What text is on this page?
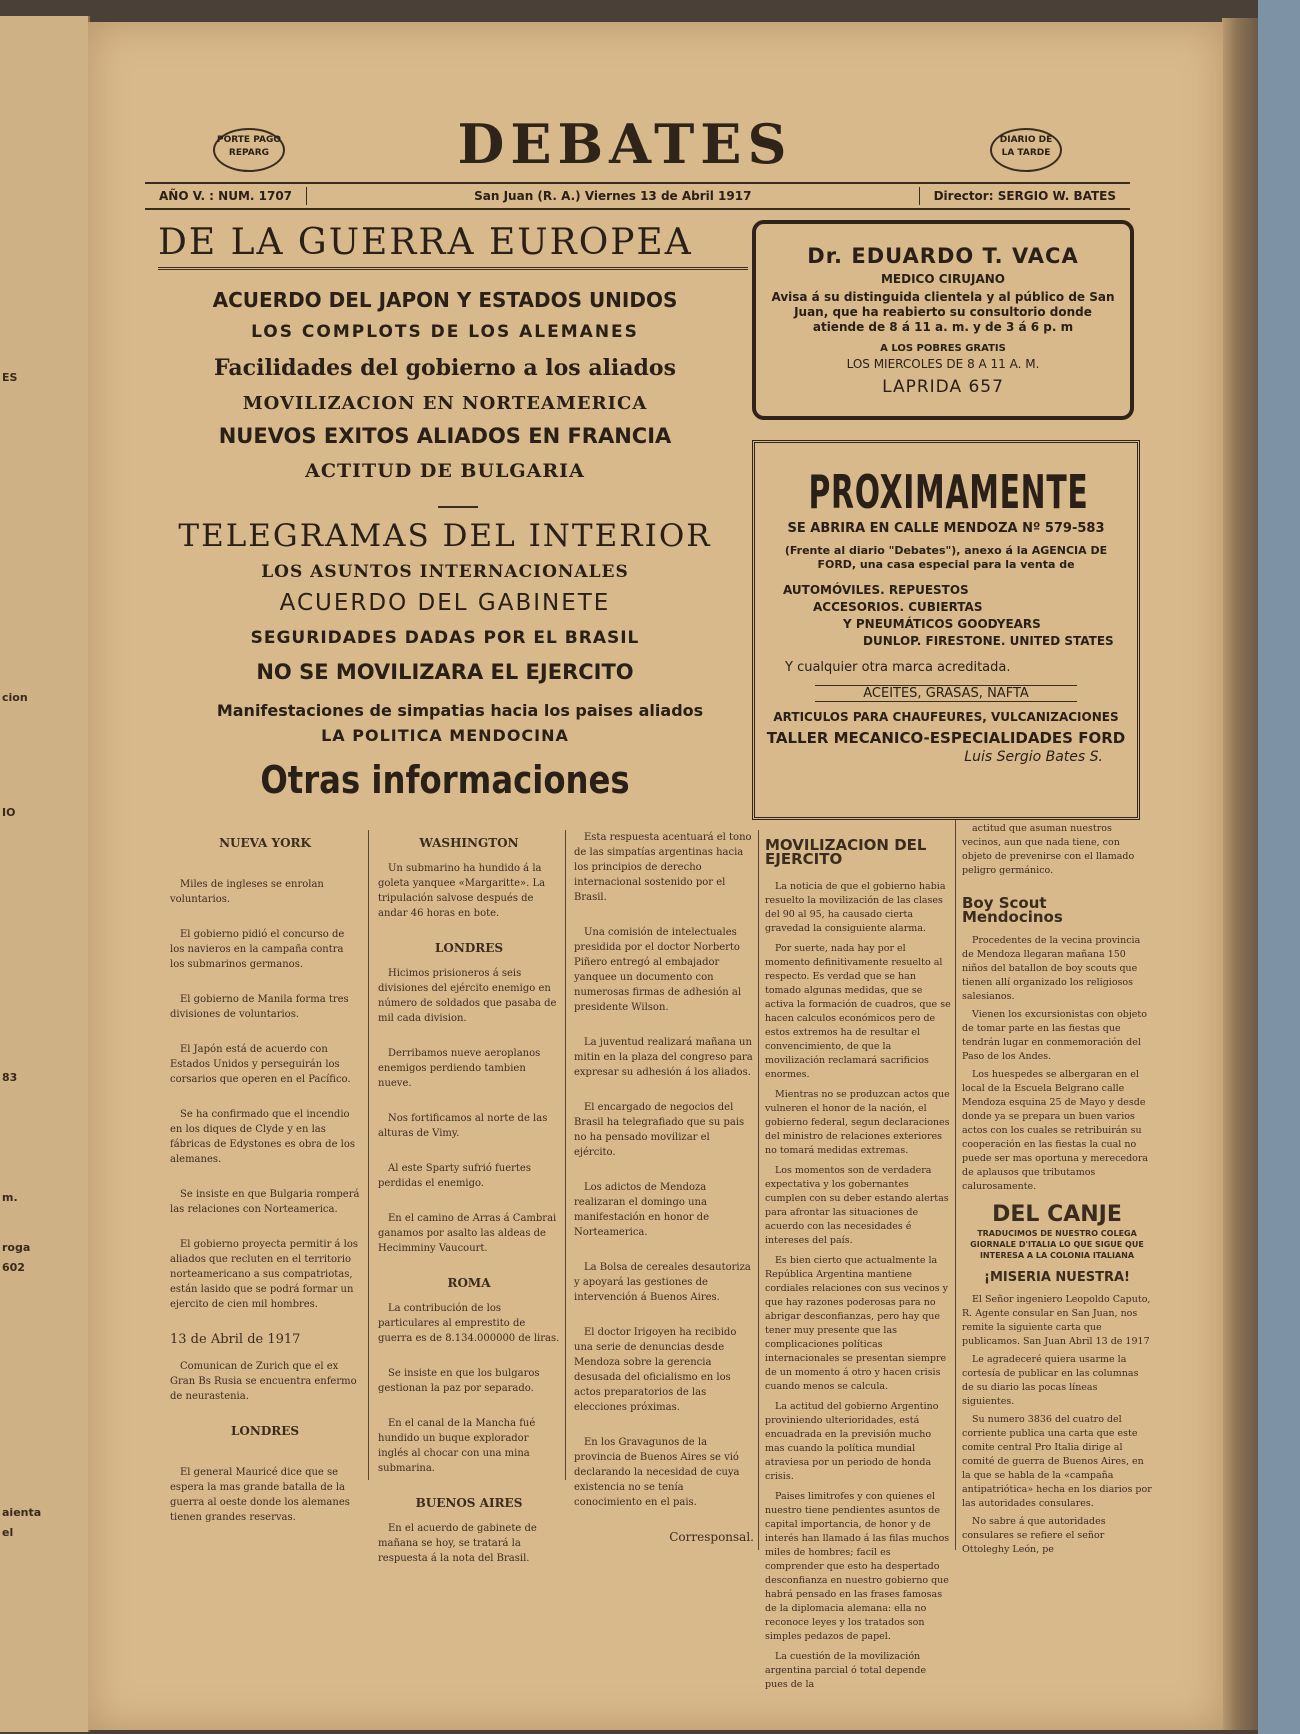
ES
cion
IO
83
m.
roga
602
aienta
el
PORTE PAGO REPARG	DEBATES	DIARIO DE LA TARDE
AÑO V. : NUM. 1707	San Juan (R. A.) Viernes 13 de Abril 1917	Director: SERGIO W. BATES
DE LA GUERRA EUROPEA
ACUERDO DEL JAPON Y ESTADOS UNIDOS
LOS COMPLOTS DE LOS ALEMANES
Facilidades del gobierno a los aliados
MOVILIZACION EN NORTEAMERICA
NUEVOS EXITOS ALIADOS EN FRANCIA
ACTITUD DE BULGARIA
TELEGRAMAS DEL INTERIOR
LOS ASUNTOS INTERNACIONALES
ACUERDO DEL GABINETE
SEGURIDADES DADAS POR EL BRASIL
NO SE MOVILIZARA EL EJERCITO
Manifestaciones de simpatias hacia los paises aliados
LA POLITICA MENDOCINA
Otras informaciones
Dr. EDUARDO T. VACA
MEDICO CIRUJANO
Avisa á su distinguida clientela y al público de San Juan, que ha reabierto su consultorio donde atiende de 8 á 11 a. m. y de 3 á 6 p. m
A LOS POBRES GRATIS
LOS MIERCOLES DE 8 A 11 A. M.
LAPRIDA 657
PROXIMAMENTE
SE ABRIRA EN CALLE MENDOZA Nº 579-583
(Frente al diario "Debates"), anexo á la AGENCIA DE FORD, una casa especial para la venta de
AUTOMÓVILES. REPUESTOS
ACCESORIOS. CUBIERTAS
Y PNEUMÁTICOS GOODYEARS
DUNLOP. FIRESTONE. UNITED STATES
Y cualquier otra marca acreditada.
ACEITES, GRASAS, NAFTA
ARTICULOS PARA CHAUFEURES, VULCANIZACIONES
TALLER MECANICO-ESPECIALIDADES FORD
Luis Sergio Bates S.
NUEVA YORK

Miles de ingleses se enrolan voluntarios.

El gobierno pidió el concurso de los navieros en la campaña contra los submarinos germanos.

El gobierno de Manila forma tres divisiones de voluntarios.

El Japón está de acuerdo con Estados Unidos y perseguirán los corsarios que operen en el Pacífico.

Se ha confirmado que el incendio en los diques de Clyde y en las fábricas de Edystones es obra de los alemanes.

Se insiste en que Bulgaria romperá las relaciones con Norteamerica.

El gobierno proyecta permitir á los aliados que recluten en el territorio norteamericano a sus compatriotas, están lasido que se podrá formar un ejercito de cien mil hombres.

13 de Abril de 1917

Comunican de Zurich que el ex Gran Bs Rusia se encuentra enfermo de neurastenia.

LONDRES

El general Mauricé dice que se espera la mas grande batalla de la guerra al oeste donde los alemanes tienen grandes reservas.

WASHINGTON

Un submarino ha hundido á la goleta yanquee «Margaritte». La tripulación salvose después de andar 46 horas en bote.

LONDRES

Hicimos prisioneros á seis divisiones del ejército enemigo en número de soldados que pasaba de mil cada division.

Derribamos nueve aeroplanos enemigos perdiendo tambien nueve.

Nos fortificamos al norte de las alturas de Vimy.

Al este Sparty sufrió fuertes perdidas el enemigo.

En el camino de Arras á Cambrai ganamos por asalto las aldeas de Hecimminy Vaucourt.

ROMA

La contribución de los particulares al emprestito de guerra es de 8.134.000000 de liras.

Se insiste en que los bulgaros gestionan la paz por separado.

En el canal de la Mancha fué hundido un buque explorador inglés al chocar con una mina submarina.

BUENOS AIRES

En el acuerdo de gabinete de mañana se hoy, se tratará la respuesta á la nota del Brasil.

Esta respuesta acentuará el tono de las simpatías argentinas hacia los principios de derecho internacional sostenido por el Brasil.

Una comisión de intelectuales presidida por el doctor Norberto Piñero entregó al embajador yanquee un documento con numerosas firmas de adhesión al presidente Wilson.

La juventud realizará mañana un mitin en la plaza del congreso para expresar su adhesión á los aliados.

El encargado de negocios del Brasil ha telegrafiado que su pais no ha pensado movilizar el ejército.

Los adictos de Mendoza realizaran el domingo una manifestación en honor de Norteamerica.

La Bolsa de cereales desautoriza y apoyará las gestiones de intervención á Buenos Aires.

El doctor Irigoyen ha recibido una serie de denuncias desde Mendoza sobre la gerencia desusada del oficialismo en los actos preparatorios de las elecciones próximas.

En los Gravagunos de la provincia de Buenos Aires se vió declarando la necesidad de cuya existencia no se tenía conocimiento en el pais.

Corresponsal.

MOVILIZACION DEL EJERCITO

La noticia de que el gobierno habia resuelto la movilización de las clases del 90 al 95, ha causado cierta gravedad la consiguiente alarma.

Por suerte, nada hay por el momento definitivamente resuelto al respecto. Es verdad que se han tomado algunas medidas, que se activa la formación de cuadros, que se hacen calculos económicos pero de estos extremos ha de resultar el convencimiento, de que la movilización reclamará sacrificios enormes.

Mientras no se produzcan actos que vulneren el honor de la nación, el gobierno federal, segun declaraciones del ministro de relaciones exteriores no tomará medidas extremas.

Los momentos son de verdadera expectativa y los gobernantes cumplen con su deber estando alertas para afrontar las situaciones de acuerdo con las necesidades é intereses del país.

Es bien cierto que actualmente la República Argentina mantiene cordiales relaciones con sus vecinos y que hay razones poderosas para no abrigar desconfianzas, pero hay que tener muy presente que las complicaciones políticas internacionales se presentan siempre de un momento á otro y hacen crisis cuando menos se calcula.

La actitud del gobierno Argentino proviniendo ulterioridades, está encuadrada en la previsión mucho mas cuando la política mundial atraviesa por un periodo de honda crisis.

Paises limitrofes y con quienes el nuestro tiene pendientes asuntos de capital importancia, de honor y de interés han llamado á las filas muchos miles de hombres; facil es comprender que esto ha despertado desconfianza en nuestro gobierno que habrá pensado en las frases famosas de la diplomacia alemana: ella no reconoce leyes y los tratados son simples pedazos de papel.

La cuestión de la movilización argentina parcial ó total depende pues de la

actitud que asuman nuestros vecinos, aun que nada tiene, con objeto de prevenirse con el llamado peligro germánico.

Boy Scout Mendocinos

Procedentes de la vecina provincia de Mendoza llegaran mañana 150 niños del batallon de boy scouts que tienen allí organizado los religiosos salesianos.

Vienen los excursionistas con objeto de tomar parte en las fiestas que tendrán lugar en conmemoración del Paso de los Andes.

Los huespedes se albergaran en el local de la Escuela Belgrano calle Mendoza esquina 25 de Mayo y desde donde ya se prepara un buen varios actos con los cuales se retribuirán su cooperación en las fiestas la cual no puede ser mas oportuna y merecedora de aplausos que tributamos calurosamente.

DEL CANJE
TRADUCIMOS DE NUESTRO COLEGA GIORNALE D'ITALIA LO QUE SIGUE QUE INTERESA A LA COLONIA ITALIANA
¡MISERIA NUESTRA!

El Señor ingeniero Leopoldo Caputo, R. Agente consular en San Juan, nos remite la siguiente carta que publicamos. San Juan Abril 13 de 1917

Le agradeceré quiera usarme la cortesía de publicar en las columnas de su diario las pocas líneas siguientes.

Su numero 3836 del cuatro del corriente publica una carta que este comite central Pro Italia dirige al comité de guerra de Buenos Aires, en la que se habla de la «campaña antipatriótica» hecha en los diarios por las autoridades consulares.

No sabre á que autoridades consulares se refiere el señor Ottoleghy León, pe
